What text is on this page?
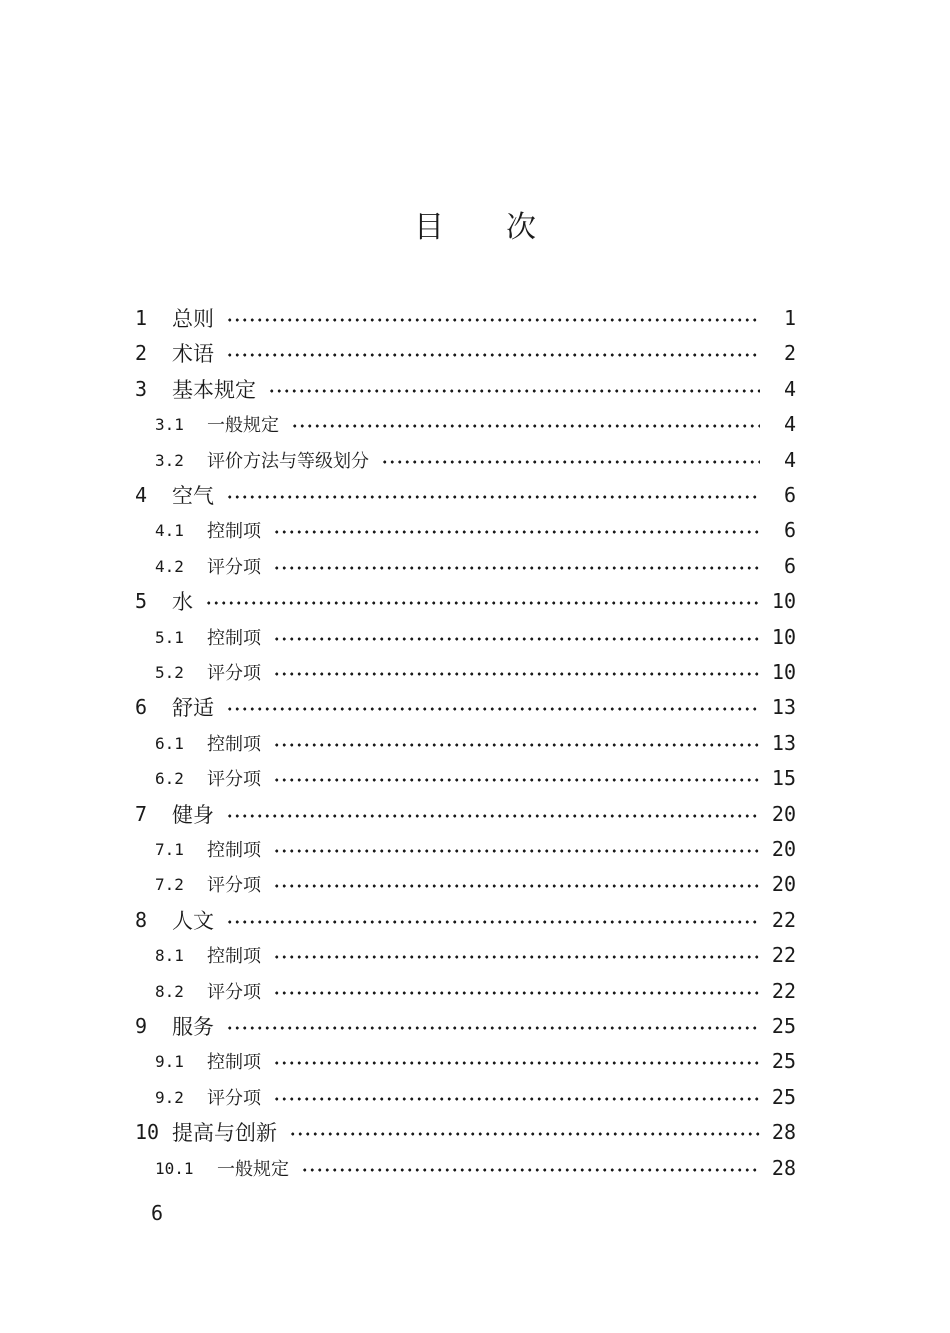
目 次
1	总则	1
2	术语	2
3	基本规定	4
3.1	一般规定	4
3.2	评价方法与等级划分	4
4	空气	6
4.1	控制项	6
4.2	评分项	6
5	水	10
5.1	控制项	10
5.2	评分项	10
6	舒适	13
6.1	控制项	13
6.2	评分项	15
7	健身	20
7.1	控制项	20
7.2	评分项	20
8	人文	22
8.1	控制项	22
8.2	评分项	22
9	服务	25
9.1	控制项	25
9.2	评分项	25
10 提高与创新	28
10.1	一般规定	28
6
